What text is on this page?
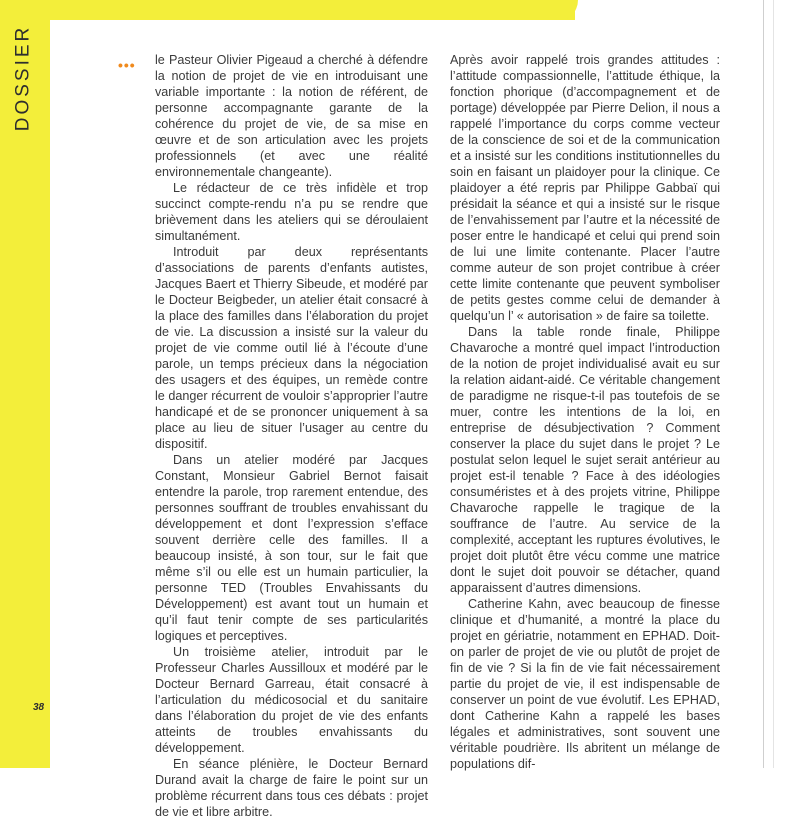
DOSSIER	••• le Pasteur Olivier Pigeaud a cherché à défendre la notion de projet de vie en introduisant une variable importante : la notion de référent, de personne accompagnante garante de la cohérence du projet de vie, de sa mise en œuvre et de son articulation avec les projets professionnels (et avec une réalité environnementale changeante).

Le rédacteur de ce très infidèle et trop succinct compte-rendu n’a pu se rendre que brièvement dans les ateliers qui se déroulaient simultanément.

Introduit par deux représentants d’associations de parents d’enfants autistes, Jacques Baert et Thierry Sibeude, et modéré par le Docteur Beigbeder, un atelier était consacré à la place des familles dans l’élaboration du projet de vie. La discussion a insisté sur la valeur du projet de vie comme outil lié à l’écoute d’une parole, un temps précieux dans la négociation des usagers et des équipes, un remède contre le danger récurrent de vouloir s’approprier l’autre handicapé et de se prononcer uniquement à sa place au lieu de situer l’usager au centre du dispositif.

Dans un atelier modéré par Jacques Constant, Monsieur Gabriel Bernot faisait entendre la parole, trop rarement entendue, des personnes souffrant de troubles envahissant du développement et dont l’expression s’efface souvent derrière celle des familles. Il a beaucoup insisté, à son tour, sur le fait que même s’il ou elle est un humain particulier, la personne TED (Troubles Envahissants du Développement) est avant tout un humain et qu’il faut tenir compte de ses particularités logiques et perceptives.

Un troisième atelier, introduit par le Professeur Charles Aussilloux et modéré par le Docteur Bernard Garreau, était consacré à l’articulation du médicosocial et du sanitaire dans l’élaboration du projet de vie des enfants atteints de troubles envahissants du développement.

En séance plénière, le Docteur Bernard Durand avait la charge de faire le point sur un problème récurrent dans tous ces débats : projet de vie et libre arbitre.

Après avoir rappelé trois grandes attitudes : l’attitude compassionnelle, l’attitude éthique, la fonction phorique (d’accompagnement et de portage) développée par Pierre Delion, il nous a rappelé l’importance du corps comme vecteur de la conscience de soi et de la communication et a insisté sur les conditions institutionnelles du soin en faisant un plaidoyer pour la clinique. Ce plaidoyer a été repris par Philippe Gabbaï qui présidait la séance et qui a insisté sur le risque de l’envahissement par l’autre et la nécessité de poser entre le handicapé et celui qui prend soin de lui une limite contenante. Placer l’autre comme auteur de son projet contribue à créer cette limite contenante que peuvent symboliser de petits gestes comme celui de demander à quelqu’un l’ « autorisation » de faire sa toilette.

Dans la table ronde finale, Philippe Chavaroche a montré quel impact l’introduction de la notion de projet individualisé avait eu sur la relation aidant-aidé. Ce véritable changement de paradigme ne risque-t-il pas toutefois de se muer, contre les intentions de la loi, en entreprise de désubjectivation ? Comment conserver la place du sujet dans le projet ? Le postulat selon lequel le sujet serait antérieur au projet est-il tenable ? Face à des idéologies consuméristes et à des projets vitrine, Philippe Chavaroche rappelle le tragique de la souffrance de l’autre. Au service de la complexité, acceptant les ruptures évolutives, le projet doit plutôt être vécu comme une matrice dont le sujet doit pouvoir se détacher, quand apparaissent d’autres dimensions.

Catherine Kahn, avec beaucoup de finesse clinique et d’humanité, a montré la place du projet en gériatrie, notamment en EPHAD. Doit-on parler de projet de vie ou plutôt de projet de fin de vie ? Si la fin de vie fait nécessairement partie du projet de vie, il est indispensable de conserver un point de vue évolutif. Les EPHAD, dont Catherine Kahn a rappelé les bases légales et administratives, sont souvent une véritable poudrière. Ils abritent un mélange de populations dif-

38
